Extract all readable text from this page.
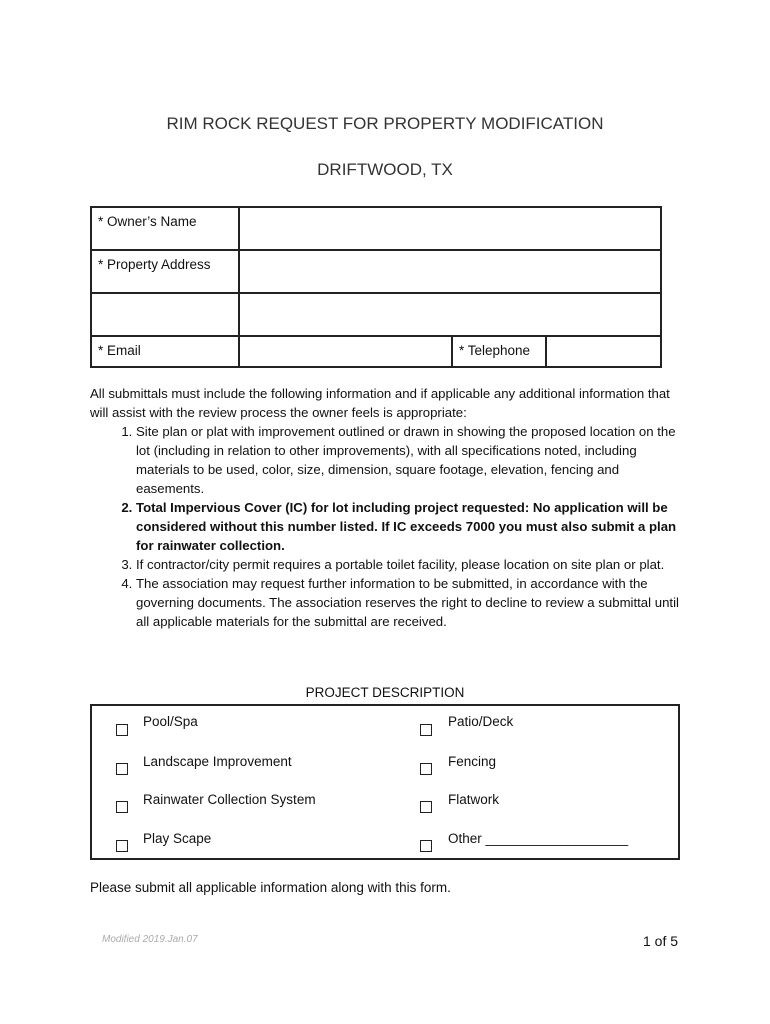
RIM ROCK REQUEST FOR PROPERTY MODIFICATION
DRIFTWOOD, TX
* Owner’s Name			
* Property Address			

* Email		* Telephone	
All submittals must include the following information and if applicable any additional information that will assist with the review process the owner feels is appropriate:
1. Site plan or plat with improvement outlined or drawn in showing the proposed location on the lot (including in relation to other improvements), with all specifications noted, including materials to be used, color, size, dimension, square footage, elevation, fencing and easements.
2. Total Impervious Cover (IC) for lot including project requested: No application will be considered without this number listed. If IC exceeds 7000 you must also submit a plan for rainwater collection.
3. If contractor/city permit requires a portable toilet facility, please location on site plan or plat.
4. The association may request further information to be submitted, in accordance with the governing documents. The association reserves the right to decline to review a submittal until all applicable materials for the submittal are received.
PROJECT DESCRIPTION
Pool/Spa	Patio/Deck
Landscape Improvement	Fencing
Rainwater Collection System	Flatwork
Play Scape	Other ___________________
Please submit all applicable information along with this form.
Modified 2019.Jan.07	1 of 5
